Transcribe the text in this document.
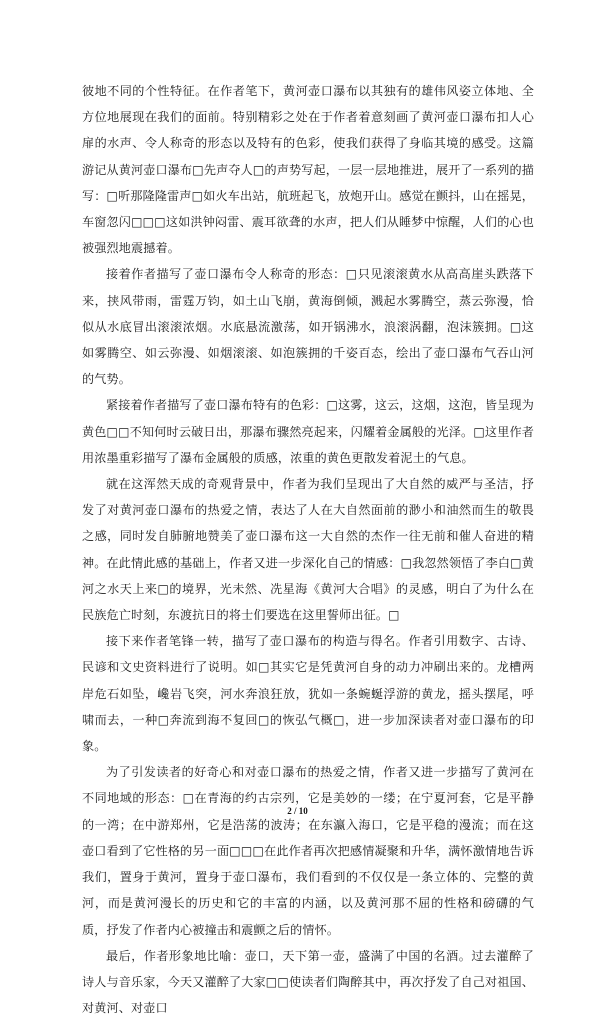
彼地不同的个性特征。在作者笔下，黄河壶口瀑布以其独有的雄伟风姿立体地、全方位地展现在我们的面前。特别精彩之处在于作者着意刻画了黄河壶口瀑布扣人心扉的水声、令人称奇的形态以及特有的色彩，使我们获得了身临其境的感受。这篇游记从黄河壶口瀑布□先声夺人□的声势写起，一层一层地推进，展开了一系列的描写：□听那隆隆雷声□如火车出站，航班起飞，放炮开山。感觉在颤抖，山在摇晃，车窗忽闪□□□这如洪钟闷雷、震耳欲聋的水声，把人们从睡梦中惊醒，人们的心也被强烈地震撼着。

接着作者描写了壶口瀑布令人称奇的形态：□只见滚滚黄水从高高崖头跌落下来，挟风带雨，雷霆万钧，如土山飞崩，黄海倒倾，溅起水雾腾空，蒸云弥漫，恰似从水底冒出滚滚浓烟。水底悬流激荡，如开锅沸水，浪滚涡翻，泡沫簇拥。□这如雾腾空、如云弥漫、如烟滚滚、如泡簇拥的千姿百态，绘出了壶口瀑布气吞山河的气势。

紧接着作者描写了壶口瀑布特有的色彩：□这雾，这云，这烟，这泡，皆呈现为黄色□□不知何时云破日出，那瀑布骤然亮起来，闪耀着金属般的光泽。□这里作者用浓墨重彩描写了瀑布金属般的质感，浓重的黄色更散发着泥土的气息。

就在这浑然天成的奇观背景中，作者为我们呈现出了大自然的威严与圣洁，抒发了对黄河壶口瀑布的热爱之情，表达了人在大自然面前的渺小和油然而生的敬畏之感，同时发自肺腑地赞美了壶口瀑布这一大自然的杰作一往无前和催人奋进的精神。在此情此感的基础上，作者又进一步深化自己的情感：□我忽然领悟了李白□黄河之水天上来□的境界，光未然、冼星海《黄河大合唱》的灵感，明白了为什么在民族危亡时刻，东渡抗日的将士们要选在这里誓师出征。□

接下来作者笔锋一转，描写了壶口瀑布的构造与得名。作者引用数字、古诗、民谚和文史资料进行了说明。如□其实它是凭黄河自身的动力冲刷出来的。龙槽两岸危石如坠，巉岩飞突，河水奔浪狂放，犹如一条蜿蜒浮游的黄龙，摇头摆尾，呼啸而去，一种□奔流到海不复回□的恢弘气概□，进一步加深读者对壶口瀑布的印象。

为了引发读者的好奇心和对壶口瀑布的热爱之情，作者又进一步描写了黄河在不同地域的形态：□在青海的约古宗列，它是美妙的一缕；在宁夏河套，它是平静的一湾；在中游郑州，它是浩荡的波涛；在东瀛入海口，它是平稳的漫流；而在这壶口看到了它性格的另一面□□□在此作者再次把感情凝聚和升华，满怀激情地告诉我们，置身于黄河，置身于壶口瀑布，我们看到的不仅仅是一条立体的、完整的黄河，而是黄河漫长的历史和它的丰富的内涵，以及黄河那不屈的性格和磅礴的气质，抒发了作者内心被撞击和震颤之后的情怀。

最后，作者形象地比喻：壶口，天下第一壶，盛满了中国的名酒。过去灌醉了诗人与音乐家，今天又灌醉了大家□□使读者们陶醉其中，再次抒发了自己对祖国、对黄河、对壶口

2 / 10
